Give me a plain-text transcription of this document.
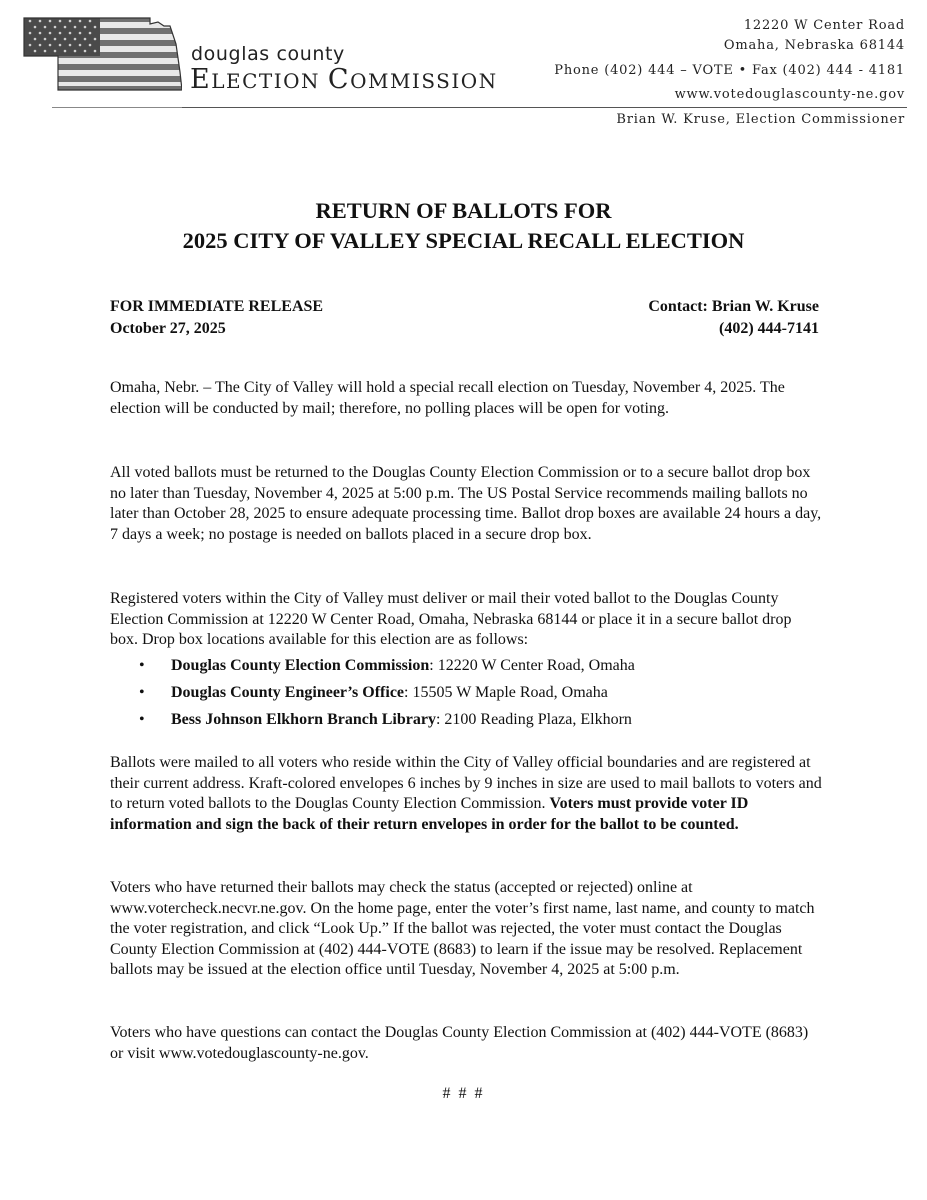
douglas county
ELECTION COMMISSION
12220 W Center Road
Omaha, Nebraska 68144
Phone (402) 444 – VOTE • Fax (402) 444 - 4181
www.votedouglascounty-ne.gov
Brian W. Kruse, Election Commissioner
RETURN OF BALLOTS FOR
2025 CITY OF VALLEY SPECIAL RECALL ELECTION
FOR IMMEDIATE RELEASE
October 27, 2025
Contact: Brian W. Kruse
(402) 444-7141
Omaha, Nebr. – The City of Valley will hold a special recall election on Tuesday, November 4, 2025. The election will be conducted by mail; therefore, no polling places will be open for voting.
All voted ballots must be returned to the Douglas County Election Commission or to a secure ballot drop box no later than Tuesday, November 4, 2025 at 5:00 p.m. The US Postal Service recommends mailing ballots no later than October 28, 2025 to ensure adequate processing time. Ballot drop boxes are available 24 hours a day, 7 days a week; no postage is needed on ballots placed in a secure drop box.
Registered voters within the City of Valley must deliver or mail their voted ballot to the Douglas County Election Commission at 12220 W Center Road, Omaha, Nebraska 68144 or place it in a secure ballot drop box. Drop box locations available for this election are as follows:
• Douglas County Election Commission: 12220 W Center Road, Omaha
• Douglas County Engineer’s Office: 15505 W Maple Road, Omaha
• Bess Johnson Elkhorn Branch Library: 2100 Reading Plaza, Elkhorn
Ballots were mailed to all voters who reside within the City of Valley official boundaries and are registered at their current address. Kraft-colored envelopes 6 inches by 9 inches in size are used to mail ballots to voters and to return voted ballots to the Douglas County Election Commission. Voters must provide voter ID information and sign the back of their return envelopes in order for the ballot to be counted.
Voters who have returned their ballots may check the status (accepted or rejected) online at www.votercheck.necvr.ne.gov. On the home page, enter the voter’s first name, last name, and county to match the voter registration, and click “Look Up.” If the ballot was rejected, the voter must contact the Douglas County Election Commission at (402) 444-VOTE (8683) to learn if the issue may be resolved. Replacement ballots may be issued at the election office until Tuesday, November 4, 2025 at 5:00 p.m.
Voters who have questions can contact the Douglas County Election Commission at (402) 444-VOTE (8683) or visit www.votedouglascounty-ne.gov.
# # #
